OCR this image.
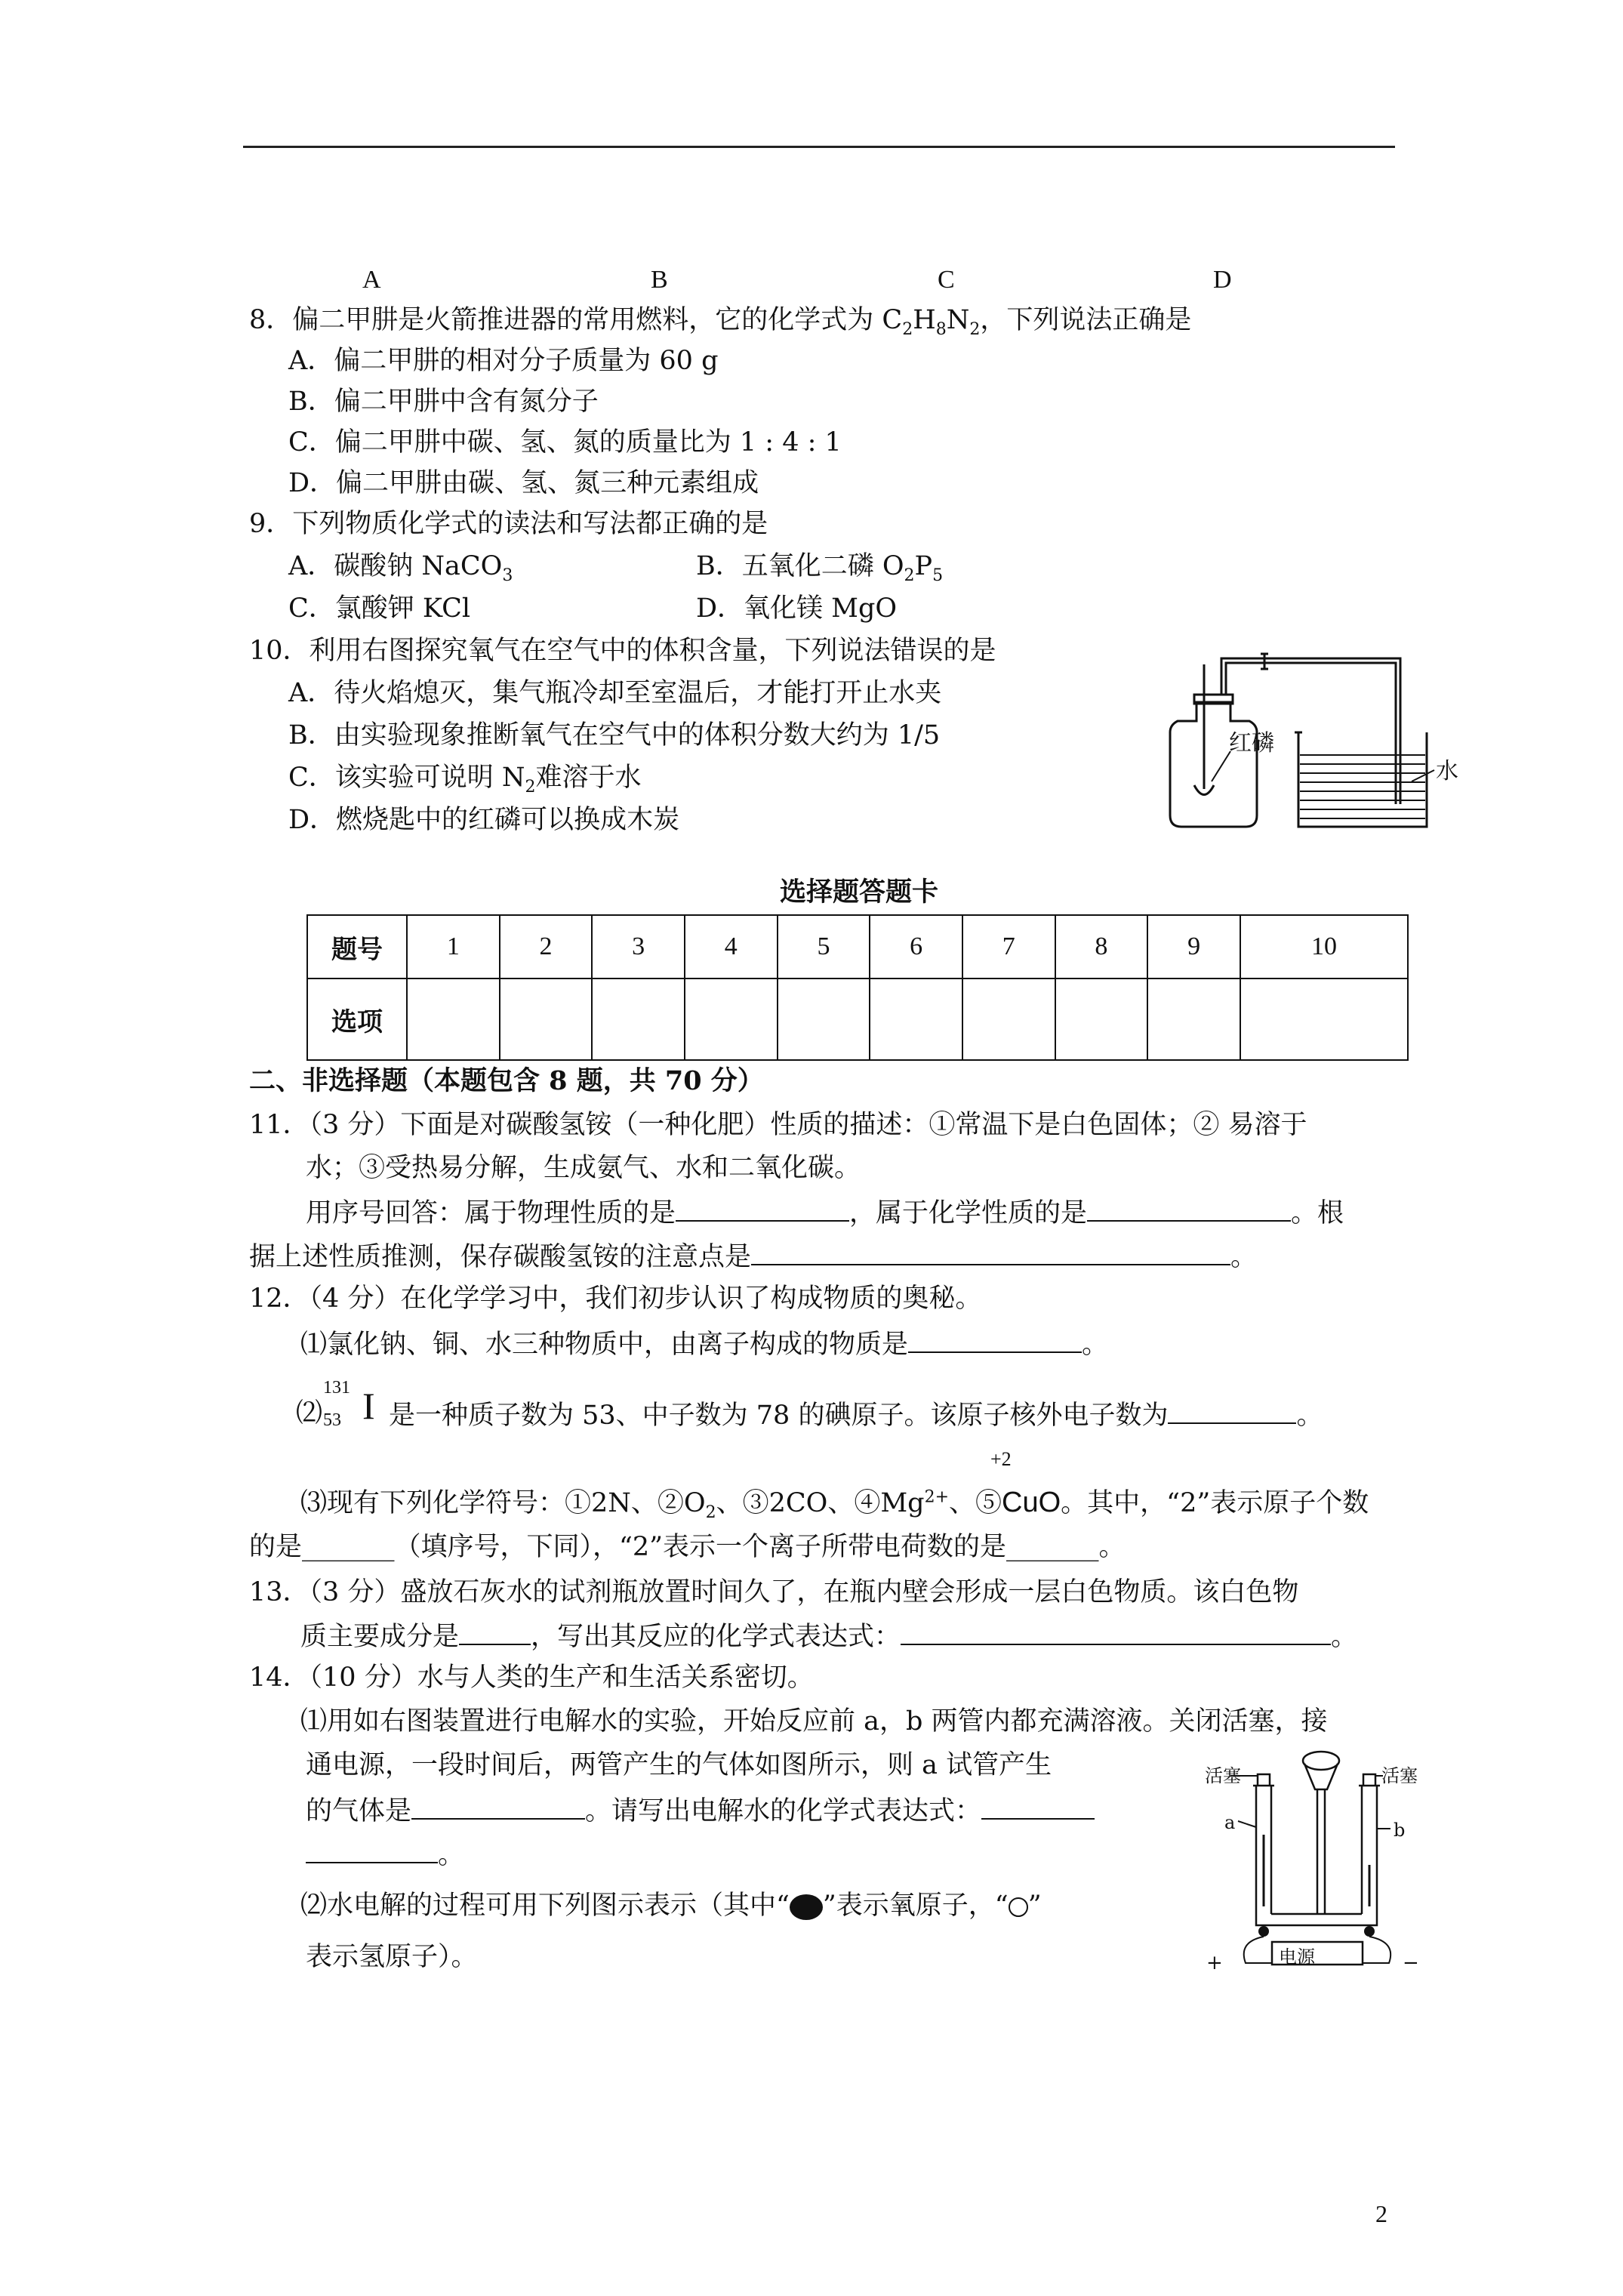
A	B	C	D
8．偏二甲肼是火箭推进器的常用燃料，它的化学式为 $C_2H_8N_2$，下列说法正确是
A．偏二甲肼的相对分子质量为 60 g
B．偏二甲肼中含有氮分子
C．偏二甲肼中碳、氢、氮的质量比为 1 : 4 : 1
D．偏二甲肼由碳、氢、氮三种元素组成
9．下列物质化学式的读法和写法都正确的是
A．碳酸钠 NaCO$_3$	B．五氧化二磷 $O_2P_5$
C．氯酸钾 KCl	D．氧化镁 MgO
10．利用右图探究氧气在空气中的体积含量，下列说法错误的是
A．待火焰熄灭，集气瓶冷却至室温后，才能打开止水夹
B．由实验现象推断氧气在空气中的体积分数大约为 1/5
C．该实验可说明 $N_2$难溶于水
D．燃烧匙中的红磷可以换成木炭
红磷
水
选择题答题卡
题号	1	2	3	4	5	6	7	8	9	10
选项										
二、非选择题（本题包含 8 题，共 70 分）
11．（3 分）下面是对碳酸氢铵（一种化肥）性质的描述：①常温下是白色固体；② 易溶于
水；③受热易分解，生成氨气、水和二氧化碳。
用序号回答：属于物理性质的是	，属于化学性质的是	。根
据上述性质推测，保存碳酸氢铵的注意点是	。
12．（4 分）在化学学习中，我们初步认识了构成物质的奥秘。
⑴氯化钠、铜、水三种物质中，由离子构成的物质是	。
131
53 I
⑵	是一种质子数为 53、中子数为 78 的碘原子。该原子核外电子数为	。
+2
⑶现有下列化学符号：①2N、$②O_2$、③2CO、$④Mg^{2+}$、⑤CuO。其中，“2”表示原子个数
的是_______（填序号，下同），“2”表示一个离子所带电荷数的是_______。
13．（3 分）盛放石灰水的试剂瓶放置时间久了，在瓶内壁会形成一层白色物质。该白色物
质主要成分是	，写出其反应的化学式表达式：	。
14．（10 分）水与人类的生产和生活关系密切。
⑴用如右图装置进行电解水的实验，开始反应前 a，b 两管内都充满溶液。关闭活塞，接
通电源，一段时间后，两管产生的气体如图所示，则 a 试管产生
的气体是	。请写出电解水的化学式表达式：
。
⑵水电解的过程可用下列图示表示（其中“ ”表示氧原子，“ ”
表示氢原子）。
活塞	活塞
a	b
电源
+	−
2
